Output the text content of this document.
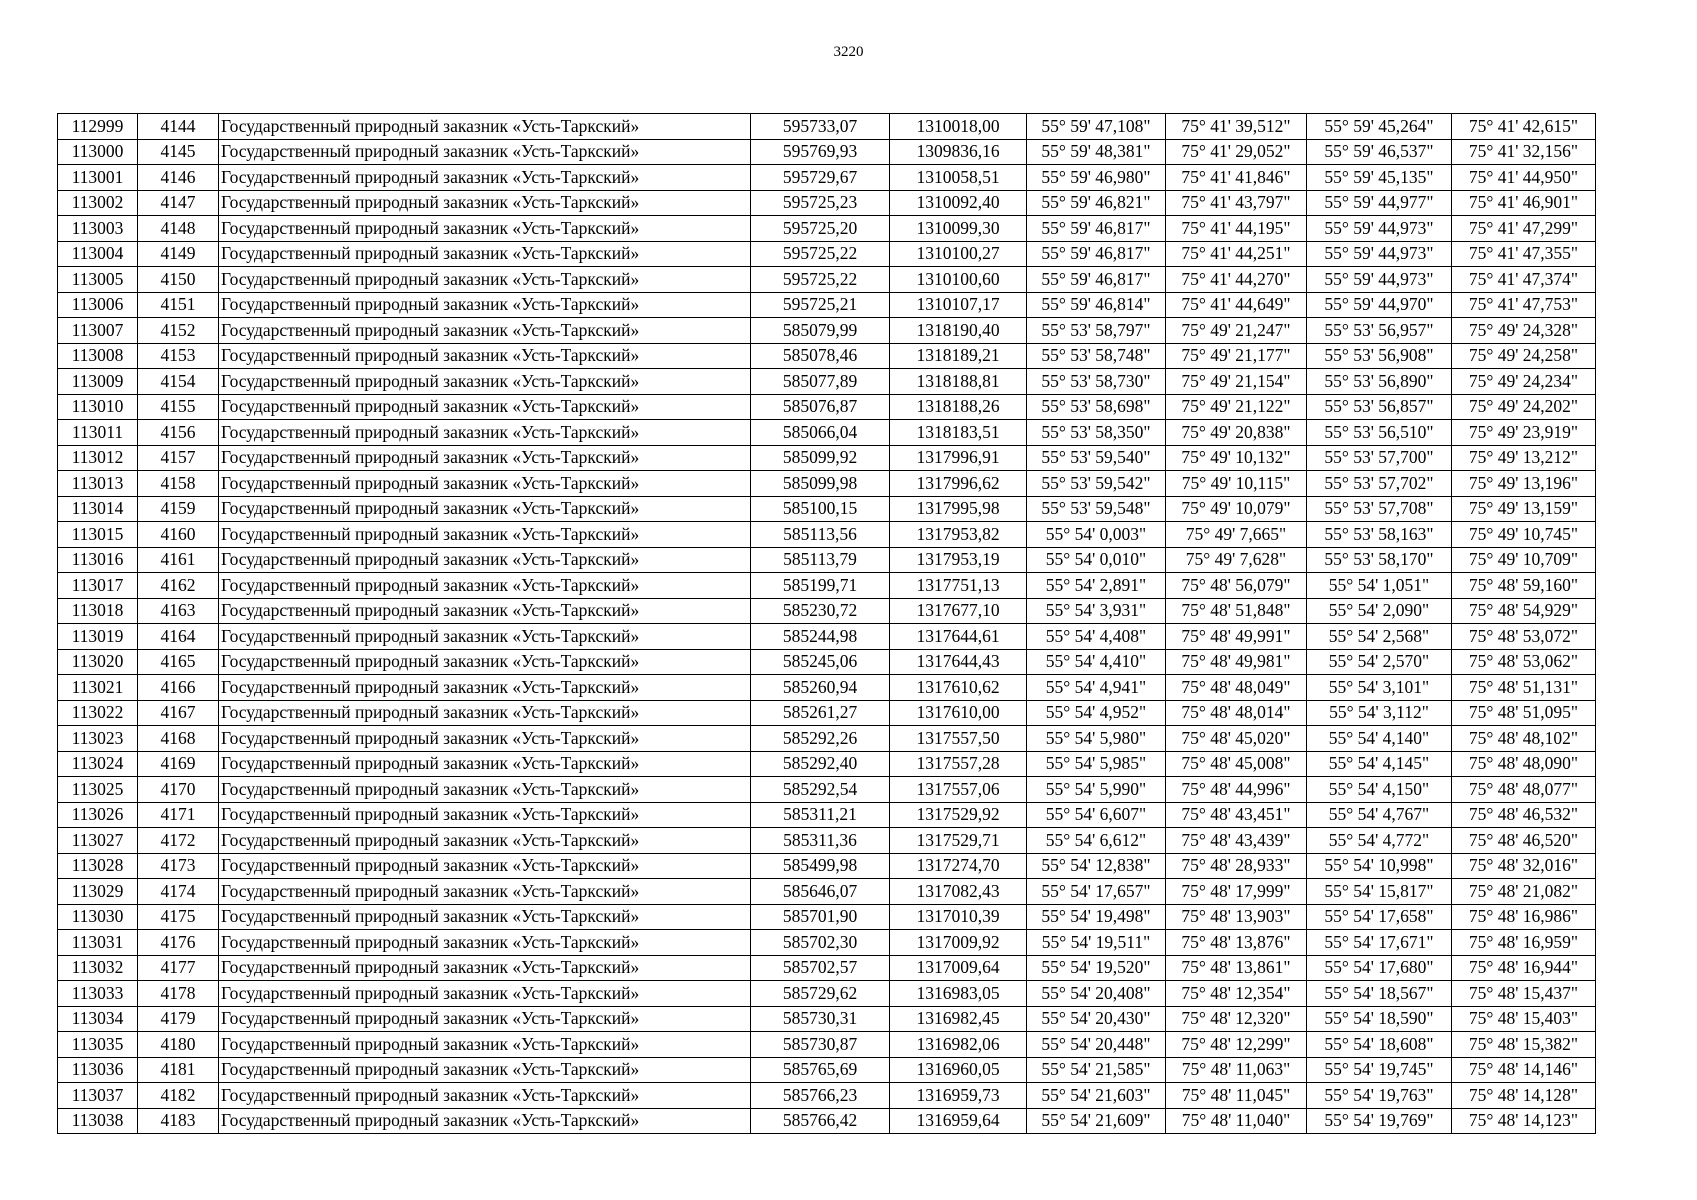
3220
112999	4144	Государственный природный заказник «Усть-Таркский»	595733,07	1310018,00	55° 59' 47,108"	75° 41' 39,512"	55° 59' 45,264"	75° 41' 42,615"
113000	4145	Государственный природный заказник «Усть-Таркский»	595769,93	1309836,16	55° 59' 48,381"	75° 41' 29,052"	55° 59' 46,537"	75° 41' 32,156"
113001	4146	Государственный природный заказник «Усть-Таркский»	595729,67	1310058,51	55° 59' 46,980"	75° 41' 41,846"	55° 59' 45,135"	75° 41' 44,950"
113002	4147	Государственный природный заказник «Усть-Таркский»	595725,23	1310092,40	55° 59' 46,821"	75° 41' 43,797"	55° 59' 44,977"	75° 41' 46,901"
113003	4148	Государственный природный заказник «Усть-Таркский»	595725,20	1310099,30	55° 59' 46,817"	75° 41' 44,195"	55° 59' 44,973"	75° 41' 47,299"
113004	4149	Государственный природный заказник «Усть-Таркский»	595725,22	1310100,27	55° 59' 46,817"	75° 41' 44,251"	55° 59' 44,973"	75° 41' 47,355"
113005	4150	Государственный природный заказник «Усть-Таркский»	595725,22	1310100,60	55° 59' 46,817"	75° 41' 44,270"	55° 59' 44,973"	75° 41' 47,374"
113006	4151	Государственный природный заказник «Усть-Таркский»	595725,21	1310107,17	55° 59' 46,814"	75° 41' 44,649"	55° 59' 44,970"	75° 41' 47,753"
113007	4152	Государственный природный заказник «Усть-Таркский»	585079,99	1318190,40	55° 53' 58,797"	75° 49' 21,247"	55° 53' 56,957"	75° 49' 24,328"
113008	4153	Государственный природный заказник «Усть-Таркский»	585078,46	1318189,21	55° 53' 58,748"	75° 49' 21,177"	55° 53' 56,908"	75° 49' 24,258"
113009	4154	Государственный природный заказник «Усть-Таркский»	585077,89	1318188,81	55° 53' 58,730"	75° 49' 21,154"	55° 53' 56,890"	75° 49' 24,234"
113010	4155	Государственный природный заказник «Усть-Таркский»	585076,87	1318188,26	55° 53' 58,698"	75° 49' 21,122"	55° 53' 56,857"	75° 49' 24,202"
113011	4156	Государственный природный заказник «Усть-Таркский»	585066,04	1318183,51	55° 53' 58,350"	75° 49' 20,838"	55° 53' 56,510"	75° 49' 23,919"
113012	4157	Государственный природный заказник «Усть-Таркский»	585099,92	1317996,91	55° 53' 59,540"	75° 49' 10,132"	55° 53' 57,700"	75° 49' 13,212"
113013	4158	Государственный природный заказник «Усть-Таркский»	585099,98	1317996,62	55° 53' 59,542"	75° 49' 10,115"	55° 53' 57,702"	75° 49' 13,196"
113014	4159	Государственный природный заказник «Усть-Таркский»	585100,15	1317995,98	55° 53' 59,548"	75° 49' 10,079"	55° 53' 57,708"	75° 49' 13,159"
113015	4160	Государственный природный заказник «Усть-Таркский»	585113,56	1317953,82	55° 54' 0,003"	75° 49' 7,665"	55° 53' 58,163"	75° 49' 10,745"
113016	4161	Государственный природный заказник «Усть-Таркский»	585113,79	1317953,19	55° 54' 0,010"	75° 49' 7,628"	55° 53' 58,170"	75° 49' 10,709"
113017	4162	Государственный природный заказник «Усть-Таркский»	585199,71	1317751,13	55° 54' 2,891"	75° 48' 56,079"	55° 54' 1,051"	75° 48' 59,160"
113018	4163	Государственный природный заказник «Усть-Таркский»	585230,72	1317677,10	55° 54' 3,931"	75° 48' 51,848"	55° 54' 2,090"	75° 48' 54,929"
113019	4164	Государственный природный заказник «Усть-Таркский»	585244,98	1317644,61	55° 54' 4,408"	75° 48' 49,991"	55° 54' 2,568"	75° 48' 53,072"
113020	4165	Государственный природный заказник «Усть-Таркский»	585245,06	1317644,43	55° 54' 4,410"	75° 48' 49,981"	55° 54' 2,570"	75° 48' 53,062"
113021	4166	Государственный природный заказник «Усть-Таркский»	585260,94	1317610,62	55° 54' 4,941"	75° 48' 48,049"	55° 54' 3,101"	75° 48' 51,131"
113022	4167	Государственный природный заказник «Усть-Таркский»	585261,27	1317610,00	55° 54' 4,952"	75° 48' 48,014"	55° 54' 3,112"	75° 48' 51,095"
113023	4168	Государственный природный заказник «Усть-Таркский»	585292,26	1317557,50	55° 54' 5,980"	75° 48' 45,020"	55° 54' 4,140"	75° 48' 48,102"
113024	4169	Государственный природный заказник «Усть-Таркский»	585292,40	1317557,28	55° 54' 5,985"	75° 48' 45,008"	55° 54' 4,145"	75° 48' 48,090"
113025	4170	Государственный природный заказник «Усть-Таркский»	585292,54	1317557,06	55° 54' 5,990"	75° 48' 44,996"	55° 54' 4,150"	75° 48' 48,077"
113026	4171	Государственный природный заказник «Усть-Таркский»	585311,21	1317529,92	55° 54' 6,607"	75° 48' 43,451"	55° 54' 4,767"	75° 48' 46,532"
113027	4172	Государственный природный заказник «Усть-Таркский»	585311,36	1317529,71	55° 54' 6,612"	75° 48' 43,439"	55° 54' 4,772"	75° 48' 46,520"
113028	4173	Государственный природный заказник «Усть-Таркский»	585499,98	1317274,70	55° 54' 12,838"	75° 48' 28,933"	55° 54' 10,998"	75° 48' 32,016"
113029	4174	Государственный природный заказник «Усть-Таркский»	585646,07	1317082,43	55° 54' 17,657"	75° 48' 17,999"	55° 54' 15,817"	75° 48' 21,082"
113030	4175	Государственный природный заказник «Усть-Таркский»	585701,90	1317010,39	55° 54' 19,498"	75° 48' 13,903"	55° 54' 17,658"	75° 48' 16,986"
113031	4176	Государственный природный заказник «Усть-Таркский»	585702,30	1317009,92	55° 54' 19,511"	75° 48' 13,876"	55° 54' 17,671"	75° 48' 16,959"
113032	4177	Государственный природный заказник «Усть-Таркский»	585702,57	1317009,64	55° 54' 19,520"	75° 48' 13,861"	55° 54' 17,680"	75° 48' 16,944"
113033	4178	Государственный природный заказник «Усть-Таркский»	585729,62	1316983,05	55° 54' 20,408"	75° 48' 12,354"	55° 54' 18,567"	75° 48' 15,437"
113034	4179	Государственный природный заказник «Усть-Таркский»	585730,31	1316982,45	55° 54' 20,430"	75° 48' 12,320"	55° 54' 18,590"	75° 48' 15,403"
113035	4180	Государственный природный заказник «Усть-Таркский»	585730,87	1316982,06	55° 54' 20,448"	75° 48' 12,299"	55° 54' 18,608"	75° 48' 15,382"
113036	4181	Государственный природный заказник «Усть-Таркский»	585765,69	1316960,05	55° 54' 21,585"	75° 48' 11,063"	55° 54' 19,745"	75° 48' 14,146"
113037	4182	Государственный природный заказник «Усть-Таркский»	585766,23	1316959,73	55° 54' 21,603"	75° 48' 11,045"	55° 54' 19,763"	75° 48' 14,128"
113038	4183	Государственный природный заказник «Усть-Таркский»	585766,42	1316959,64	55° 54' 21,609"	75° 48' 11,040"	55° 54' 19,769"	75° 48' 14,123"
